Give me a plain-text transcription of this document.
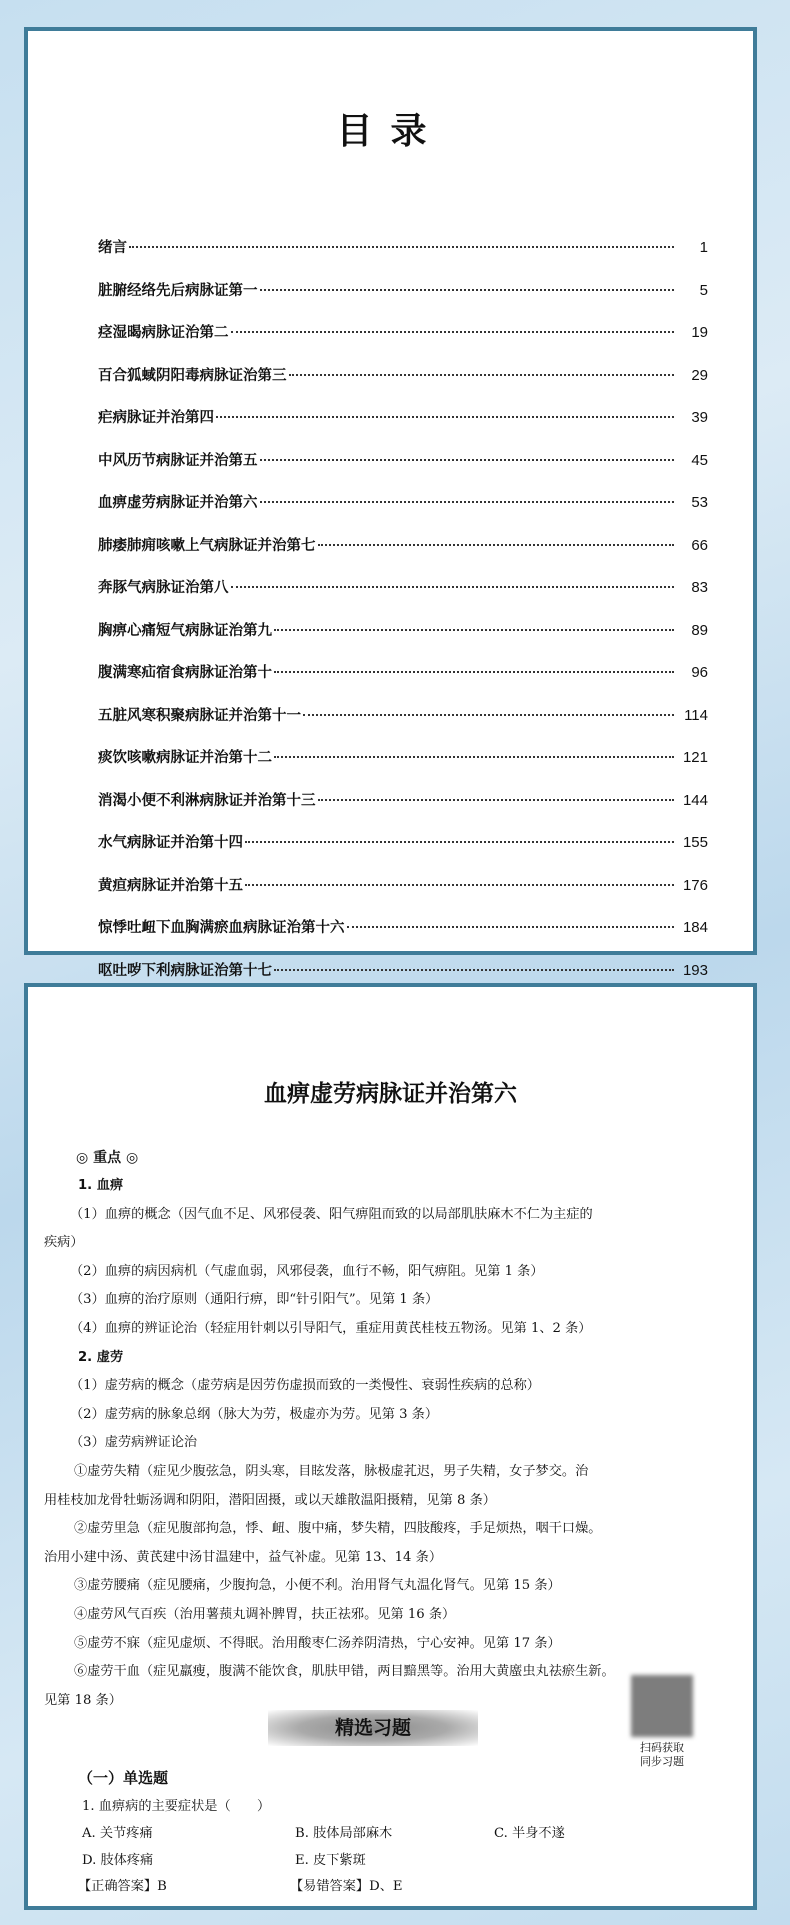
目录
绪言	1
脏腑经络先后病脉证第一	5
痉湿暍病脉证治第二	19
百合狐蜮阴阳毒病脉证治第三	29
疟病脉证并治第四	39
中风历节病脉证并治第五	45
血痹虚劳病脉证并治第六	53
肺痿肺痈咳嗽上气病脉证并治第七	66
奔豚气病脉证治第八	83
胸痹心痛短气病脉证治第九	89
腹满寒疝宿食病脉证治第十	96
五脏风寒积聚病脉证并治第十一	114
痰饮咳嗽病脉证并治第十二	121
消渴小便不利淋病脉证并治第十三	144
水气病脉证并治第十四	155
黄疸病脉证并治第十五	176
惊悸吐衄下血胸满瘀血病脉证治第十六	184
呕吐哕下利病脉证治第十七	193
血痹虚劳病脉证并治第六
◎ 重点 ◎
1. 血痹
（1）血痹的概念（因气血不足、风邪侵袭、阳气痹阻而致的以局部肌肤麻木不仁为主症的
疾病）
（2）血痹的病因病机（气虚血弱，风邪侵袭，血行不畅，阳气痹阻。见第 1 条）
（3）血痹的治疗原则（通阳行痹，即“针引阳气”。见第 1 条）
（4）血痹的辨证论治（轻症用针刺以引导阳气，重症用黄芪桂枝五物汤。见第 1、2 条）
2. 虚劳
（1）虚劳病的概念（虚劳病是因劳伤虚损而致的一类慢性、衰弱性疾病的总称）
（2）虚劳病的脉象总纲（脉大为劳，极虚亦为劳。见第 3 条）
（3）虚劳病辨证论治
①虚劳失精（症见少腹弦急，阴头寒，目眩发落，脉极虚芤迟，男子失精，女子梦交。治
用桂枝加龙骨牡蛎汤调和阴阳，潜阳固摄，或以天雄散温阳摄精，见第 8 条）
②虚劳里急（症见腹部拘急，悸、衄、腹中痛，梦失精，四肢酸疼，手足烦热，咽干口燥。
治用小建中汤、黄芪建中汤甘温建中，益气补虚。见第 13、14 条）
③虚劳腰痛（症见腰痛，少腹拘急，小便不利。治用肾气丸温化肾气。见第 15 条）
④虚劳风气百疾（治用薯蓣丸调补脾胃，扶正祛邪。见第 16 条）
⑤虚劳不寐（症见虚烦、不得眠。治用酸枣仁汤养阴清热，宁心安神。见第 17 条）
⑥虚劳干血（症见羸瘦，腹满不能饮食，肌肤甲错，两目黯黑等。治用大黄䗪虫丸祛瘀生新。
见第 18 条）
精选习题
扫码获取
同步习题
（一）单选题
1. 血痹病的主要症状是（　　）
A. 关节疼痛	B. 肢体局部麻木	C. 半身不遂
D. 肢体疼痛	E. 皮下紫斑
【正确答案】B	【易错答案】D、E
